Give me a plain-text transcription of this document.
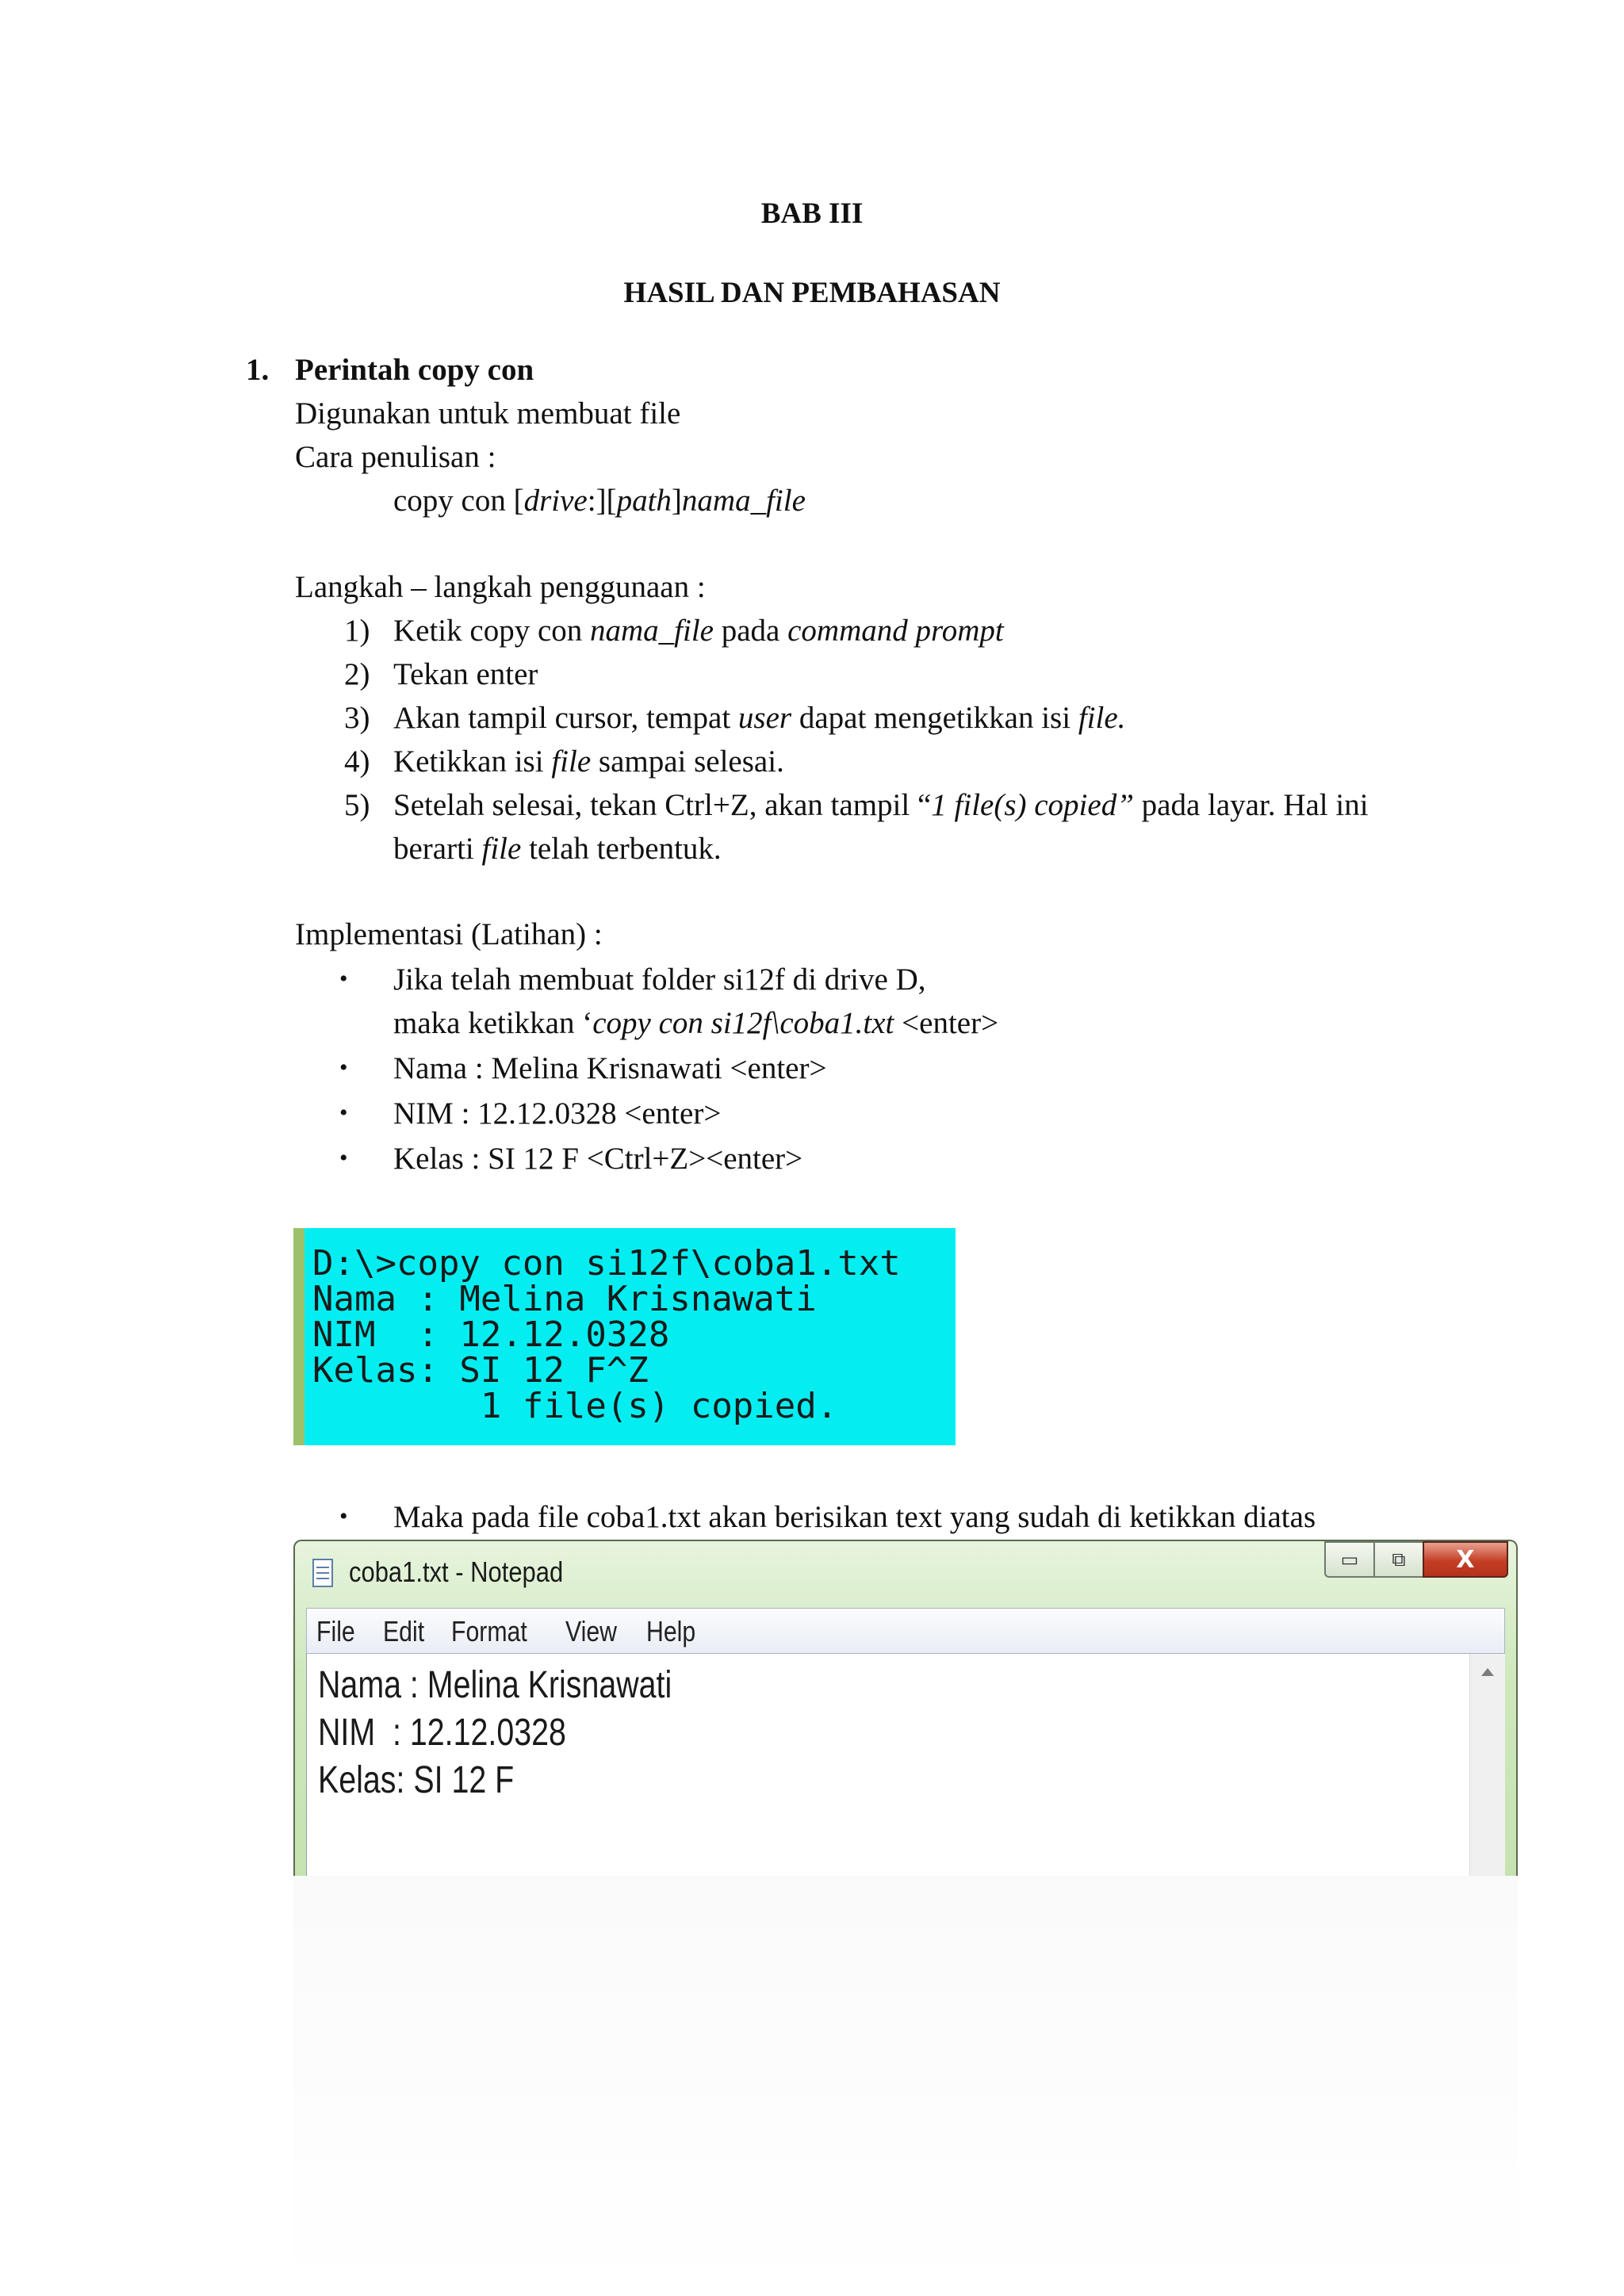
BAB III
HASIL DAN PEMBAHASAN
1. Perintah copy con
Digunakan untuk membuat file
Cara penulisan :
copy con [drive:][path]nama_file
Langkah – langkah penggunaan :
1) Ketik copy con nama_file pada command prompt
2) Tekan enter
3) Akan tampil cursor, tempat user dapat mengetikkan isi file.
4) Ketikkan isi file sampai selesai.
5) Setelah selesai, tekan Ctrl+Z, akan tampil “1 file(s) copied” pada layar. Hal ini
berarti file telah terbentuk.
Implementasi (Latihan) :
• Jika telah membuat folder si12f di drive D,
maka ketikkan ‘copy con si12f\coba1.txt <enter>
• Nama : Melina Krisnawati <enter>
• NIM : 12.12.0328 <enter>
• Kelas : SI 12 F <Ctrl+Z><enter>
D:\>copy con si12f\coba1.txt
Nama : Melina Krisnawati
NIM  : 12.12.0328
Kelas: SI 12 F^Z
1 file(s) copied.
• Maka pada file coba1.txt akan berisikan text yang sudah di ketikkan diatas
coba1.txt - Notepad	▭	⧉	X
File Edit Format View Help
Nama : Melina Krisnawati
NIM  : 12.12.0328
Kelas: SI 12 F
